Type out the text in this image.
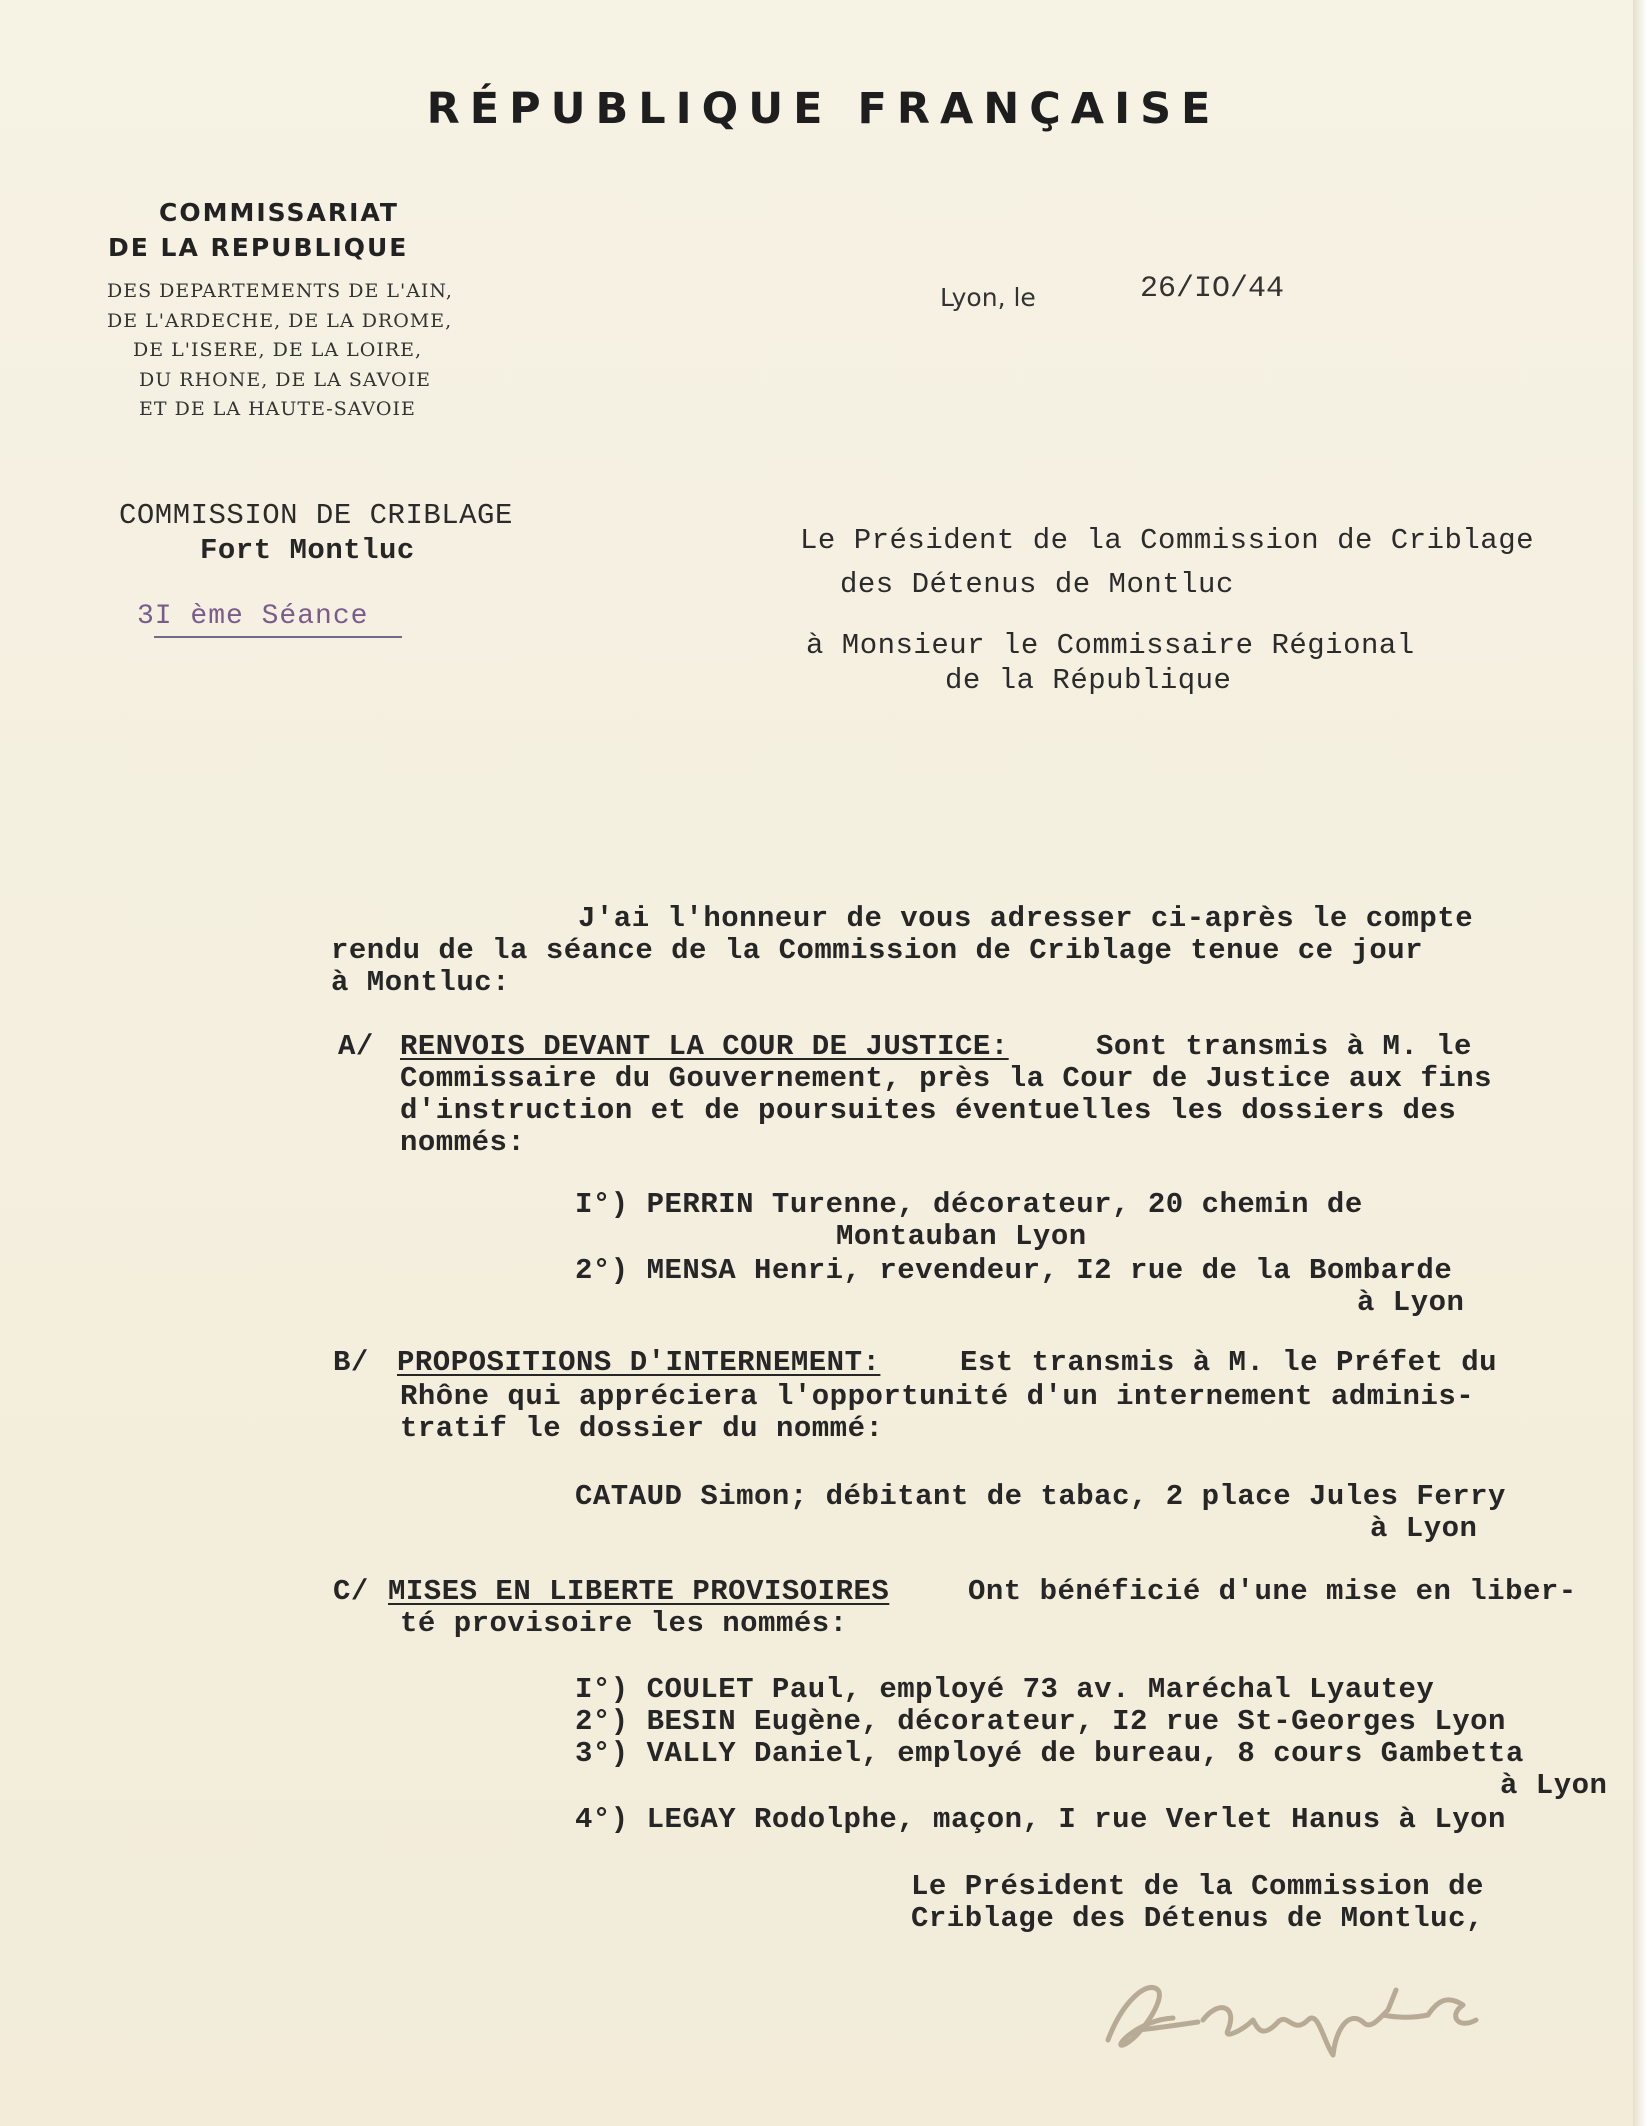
RÉPUBLIQUE FRANÇAISE
COMMISSARIAT
DE LA REPUBLIQUE
DES DEPARTEMENTS DE L'AIN,
DE L'ARDECHE, DE LA DROME,
DE L'ISERE, DE LA LOIRE,
DU RHONE, DE LA SAVOIE
ET DE LA HAUTE-SAVOIE
Lyon, le	26/IO/44
COMMISSION DE CRIBLAGE
Fort Montluc
3I ème Séance
Le Président de la Commission de Criblage
des Détenus de Montluc
à Monsieur le Commissaire Régional
de la République
J'ai l'honneur de vous adresser ci-après le compte
rendu de la séance de la Commission de Criblage tenue ce jour
à Montluc:
A/ RENVOIS DEVANT LA COUR DE JUSTICE:	Sont transmis à M. le
Commissaire du Gouvernement, près la Cour de Justice aux fins
d'instruction et de poursuites éventuelles les dossiers des
nommés:
I°) PERRIN Turenne, décorateur, 20 chemin de
Montauban Lyon
2°) MENSA Henri, revendeur, I2 rue de la Bombarde
à Lyon
B/ PROPOSITIONS D'INTERNEMENT:	Est transmis à M. le Préfet du
Rhône qui appréciera l'opportunité d'un internement adminis-
tratif le dossier du nommé:
CATAUD Simon; débitant de tabac, 2 place Jules Ferry
à Lyon
C/ MISES EN LIBERTE PROVISOIRES	Ont bénéficié d'une mise en liber-
té provisoire les nommés:
I°) COULET Paul, employé 73 av. Maréchal Lyautey
2°) BESIN Eugène, décorateur, I2 rue St-Georges Lyon
3°) VALLY Daniel, employé de bureau, 8 cours Gambetta
à Lyon
4°) LEGAY Rodolphe, maçon, I rue Verlet Hanus à Lyon
Le Président de la Commission de
Criblage des Détenus de Montluc,
